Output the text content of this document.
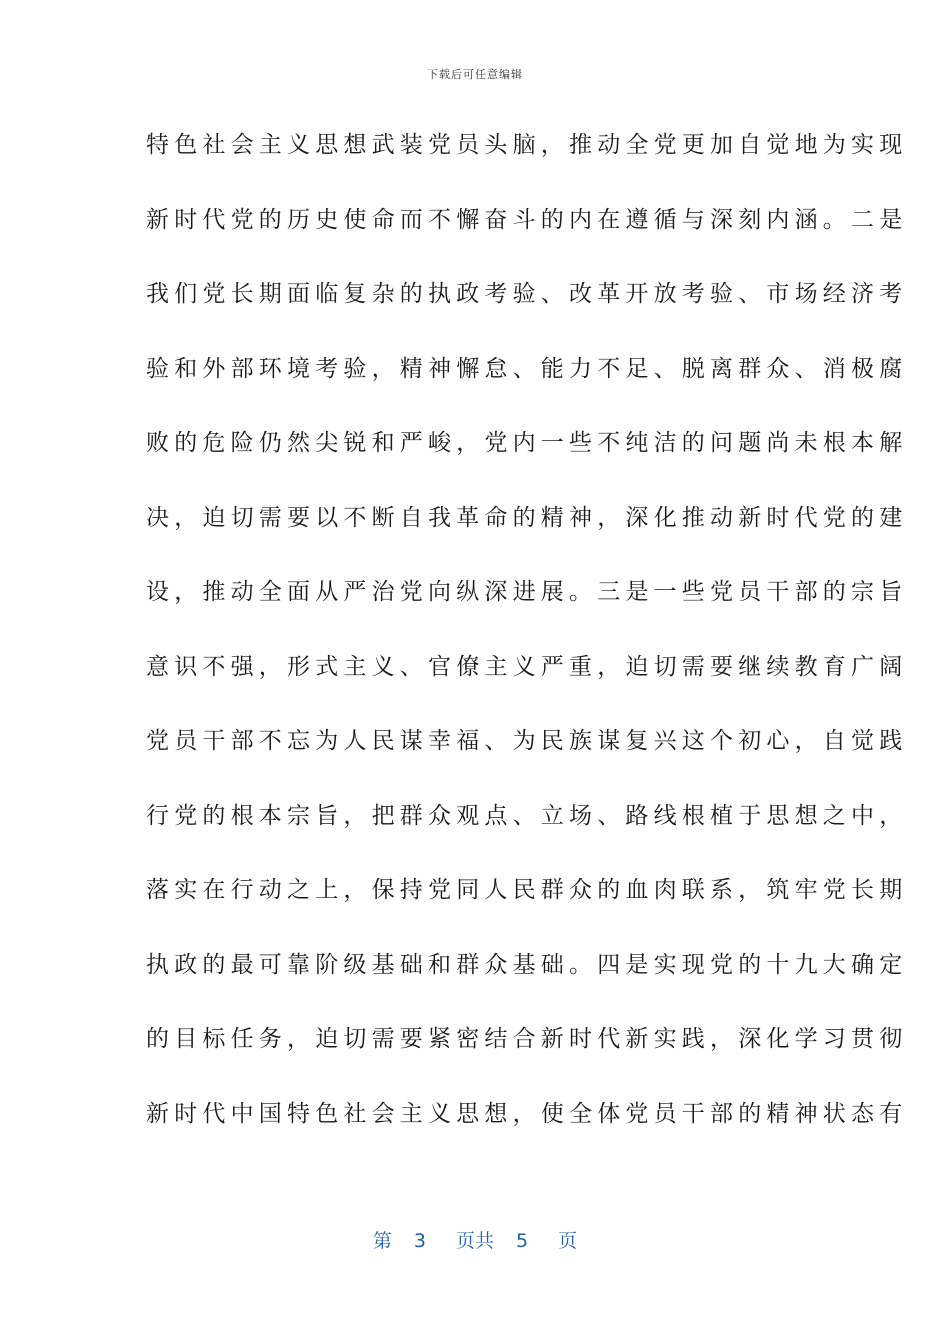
下载后可任意编辑
特色社会主义思想武装党员头脑，推动全党更加自觉地为实现
新时代党的历史使命而不懈奋斗的内在遵循与深刻内涵。二是
我们党长期面临复杂的执政考验、改革开放考验、市场经济考
验和外部环境考验，精神懈怠、能力不足、脱离群众、消极腐
败的危险仍然尖锐和严峻，党内一些不纯洁的问题尚未根本解
决，迫切需要以不断自我革命的精神，深化推动新时代党的建
设，推动全面从严治党向纵深进展。三是一些党员干部的宗旨
意识不强，形式主义、官僚主义严重，迫切需要继续教育广阔
党员干部不忘为人民谋幸福、为民族谋复兴这个初心，自觉践
行党的根本宗旨，把群众观点、立场、路线根植于思想之中，
落实在行动之上，保持党同人民群众的血肉联系，筑牢党长期
执政的最可靠阶级基础和群众基础。四是实现党的十九大确定
的目标任务，迫切需要紧密结合新时代新实践，深化学习贯彻
新时代中国特色社会主义思想，使全体党员干部的精神状态有
第 3 页共 5 页
